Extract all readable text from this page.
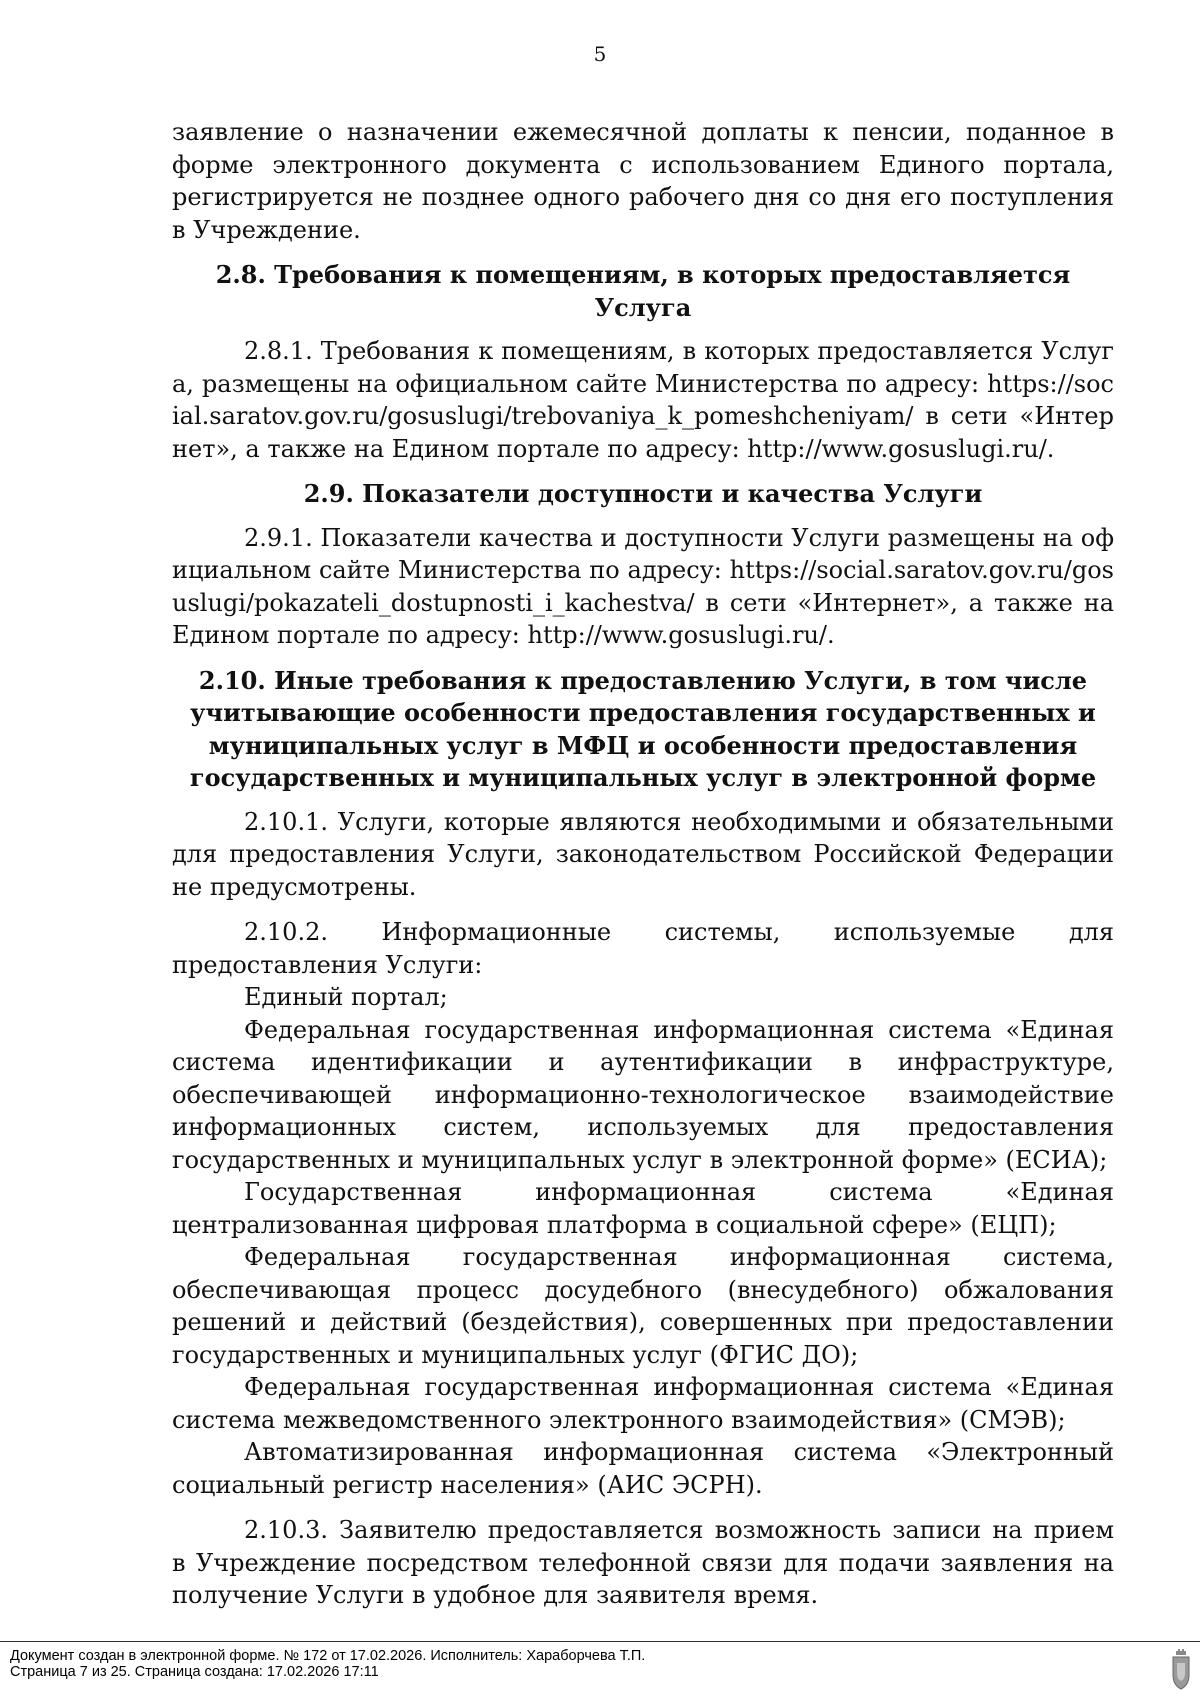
5

заявление о назначении ежемесячной доплаты к пенсии, поданное в форме электронного документа с использованием Единого портала, регистрируется не позднее одного рабочего дня со дня его поступления в Учреждение.

2.8. Требования к помещениям, в которых предоставляется Услуга

2.8.1. Требования к помещениям, в которых предоставляется Услуга, размещены на официальном сайте Министерства по адресу: https://social.saratov.gov.ru/gosuslugi/trebovaniya_k_pomeshcheniyam/ в сети «Интернет», а также на Едином портале по адресу: http://www.gosuslugi.ru/.

2.9. Показатели доступности и качества Услуги

2.9.1. Показатели качества и доступности Услуги размещены на официальном сайте Министерства по адресу: https://social.saratov.gov.ru/gosuslugi/pokazateli_dostupnosti_i_kachestva/ в сети «Интернет», а также на Едином портале по адресу: http://www.gosuslugi.ru/.

2.10. Иные требования к предоставлению Услуги, в том числе учитывающие особенности предоставления государственных и муниципальных услуг в МФЦ и особенности предоставления государственных и муниципальных услуг в электронной форме

2.10.1. Услуги, которые являются необходимыми и обязательными для предоставления Услуги, законодательством Российской Федерации не предусмотрены.

2.10.2. Информационные системы, используемые для предоставления Услуги:

Единый портал;

Федеральная государственная информационная система «Единая система идентификации и аутентификации в инфраструктуре, обеспечивающей информационно-технологическое взаимодействие информационных систем, используемых для предоставления государственных и муниципальных услуг в электронной форме» (ЕСИА);

Государственная информационная система «Единая централизованная цифровая платформа в социальной сфере» (ЕЦП);

Федеральная государственная информационная система, обеспечивающая процесс досудебного (внесудебного) обжалования решений и действий (бездействия), совершенных при предоставлении государственных и муниципальных услуг (ФГИС ДО);

Федеральная государственная информационная система «Единая система межведомственного электронного взаимодействия» (СМЭВ);

Автоматизированная информационная система «Электронный социальный регистр населения» (АИС ЭСРН).

2.10.3. Заявителю предоставляется возможность записи на прием в Учреждение посредством телефонной связи для подачи заявления на получение Услуги в удобное для заявителя время.

Документ создан в электронной форме. № 172 от 17.02.2026. Исполнитель: Хараборчева Т.П.
Страница 7 из 25. Страница создана: 17.02.2026 17:11
